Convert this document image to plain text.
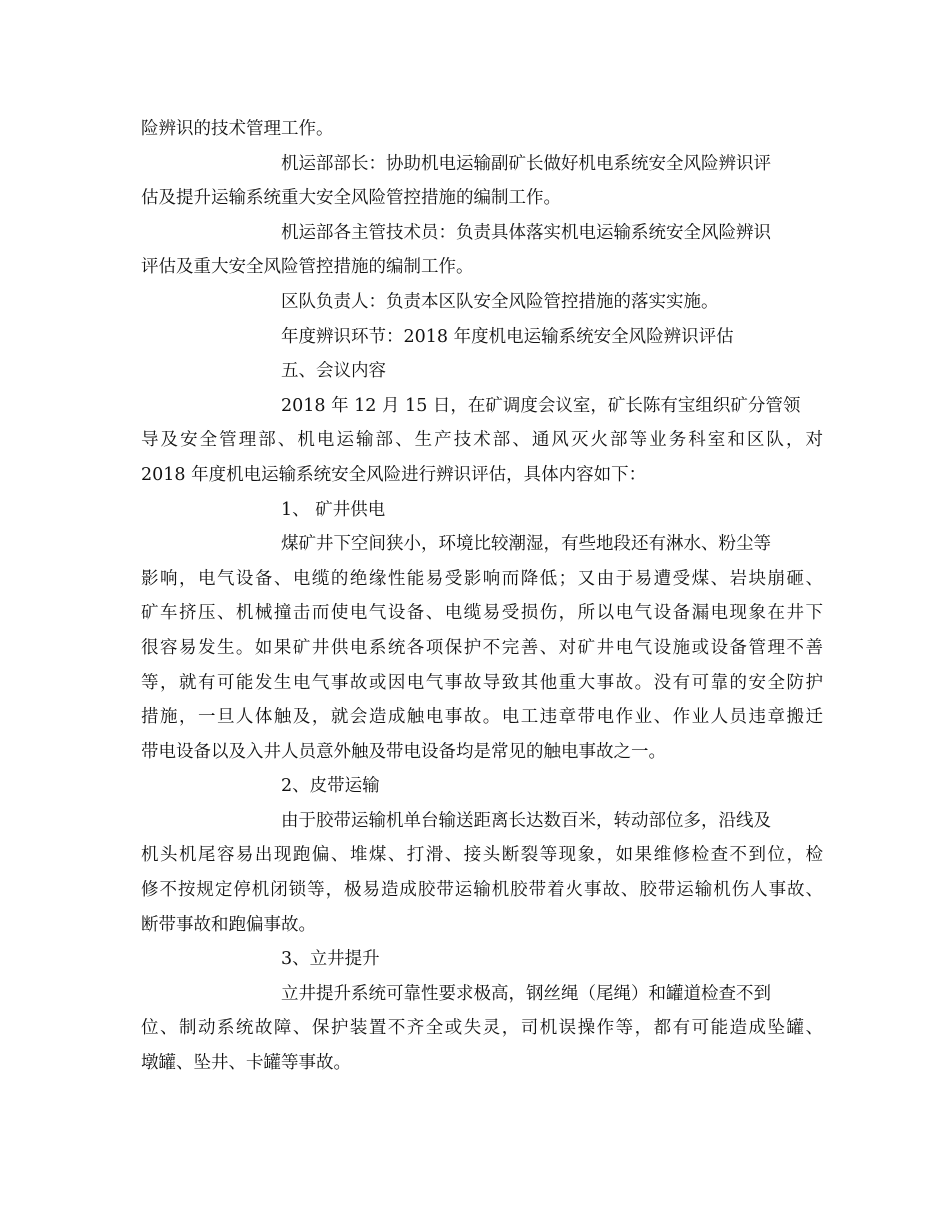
险辨识的技术管理工作。
机运部部长：协助机电运输副矿长做好机电系统安全风险辨识评
估及提升运输系统重大安全风险管控措施的编制工作。
机运部各主管技术员：负责具体落实机电运输系统安全风险辨识
评估及重大安全风险管控措施的编制工作。
区队负责人：负责本区队安全风险管控措施的落实实施。
年度辨识环节：2018 年度机电运输系统安全风险辨识评估
五、会议内容
2018 年 12 月 15 日，在矿调度会议室，矿长陈有宝组织矿分管领
导及安全管理部、机电运输部、生产技术部、通风灭火部等业务科室和区队，对
2018 年度机电运输系统安全风险进行辨识评估，具体内容如下：
1、 矿井供电
煤矿井下空间狭小，环境比较潮湿，有些地段还有淋水、粉尘等
影响，电气设备、电缆的绝缘性能易受影响而降低；又由于易遭受煤、岩块崩砸、
矿车挤压、机械撞击而使电气设备、电缆易受损伤，所以电气设备漏电现象在井下
很容易发生。如果矿井供电系统各项保护不完善、对矿井电气设施或设备管理不善
等，就有可能发生电气事故或因电气事故导致其他重大事故。没有可靠的安全防护
措施，一旦人体触及，就会造成触电事故。电工违章带电作业、作业人员违章搬迁
带电设备以及入井人员意外触及带电设备均是常见的触电事故之一。
2、皮带运输
由于胶带运输机单台输送距离长达数百米，转动部位多，沿线及
机头机尾容易出现跑偏、堆煤、打滑、接头断裂等现象，如果维修检查不到位，检
修不按规定停机闭锁等，极易造成胶带运输机胶带着火事故、胶带运输机伤人事故、
断带事故和跑偏事故。
3、立井提升
立井提升系统可靠性要求极高，钢丝绳（尾绳）和罐道检查不到
位、制动系统故障、保护装置不齐全或失灵，司机误操作等，都有可能造成坠罐、
墩罐、坠井、卡罐等事故。
